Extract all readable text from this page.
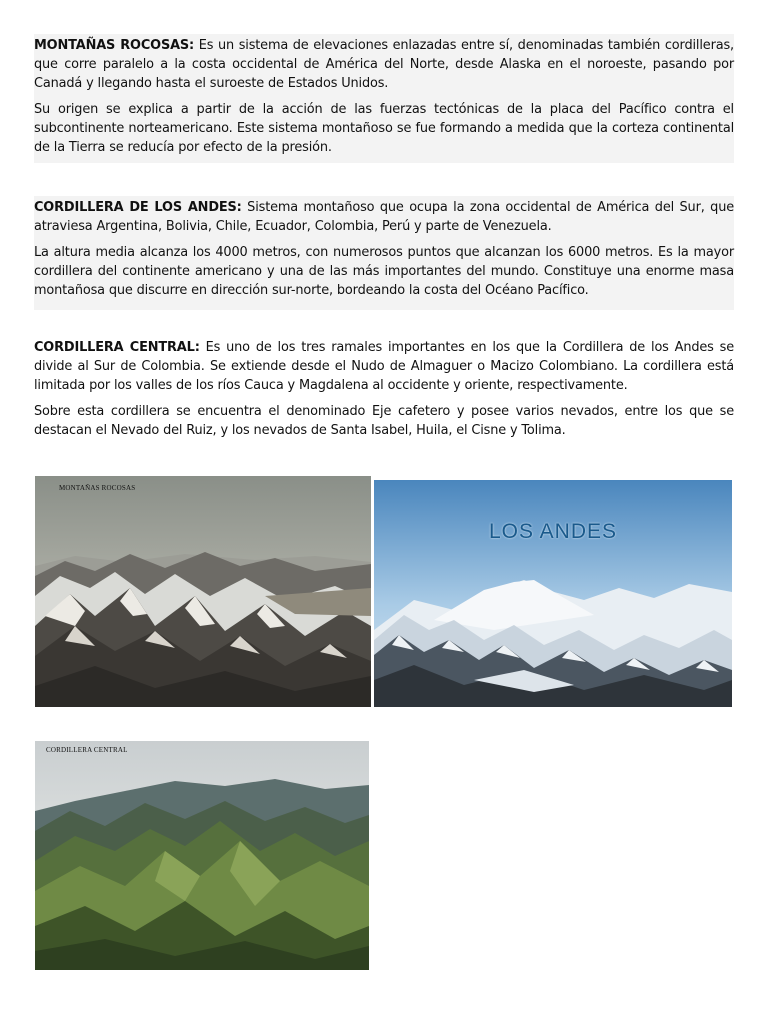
MONTAÑAS ROCOSAS: Es un sistema de elevaciones enlazadas entre sí, denominadas también cordilleras, que corre paralelo a la costa occidental de América del Norte, desde Alaska en el noroeste, pasando por Canadá y llegando hasta el suroeste de Estados Unidos.

Su origen se explica a partir de la acción de las fuerzas tectónicas de la placa del Pacífico contra el subcontinente norteamericano. Este sistema montañoso se fue formando a medida que la corteza continental de la Tierra se reducía por efecto de la presión.

CORDILLERA DE LOS ANDES: Sistema montañoso que ocupa la zona occidental de América del Sur, que atraviesa Argentina, Bolivia, Chile, Ecuador, Colombia, Perú y parte de Venezuela.

La altura media alcanza los 4000 metros, con numerosos puntos que alcanzan los 6000 metros. Es la mayor cordillera del continente americano y una de las más importantes del mundo. Constituye una enorme masa montañosa que discurre en dirección sur-norte, bordeando la costa del Océano Pacífico.

CORDILLERA CENTRAL: Es uno de los tres ramales importantes en los que la Cordillera de los Andes se divide al Sur de Colombia. Se extiende desde el Nudo de Almaguer o Macizo Colombiano. La cordillera está limitada por los valles de los ríos Cauca y Magdalena al occidente y oriente, respectivamente.

Sobre esta cordillera se encuentra el denominado Eje cafetero y posee varios nevados, entre los que se destacan el Nevado del Ruiz, y los nevados de Santa Isabel, Huila, el Cisne y Tolima.

MONTAÑAS ROCOSAS
LOS ANDES
CORDILLERA CENTRAL
